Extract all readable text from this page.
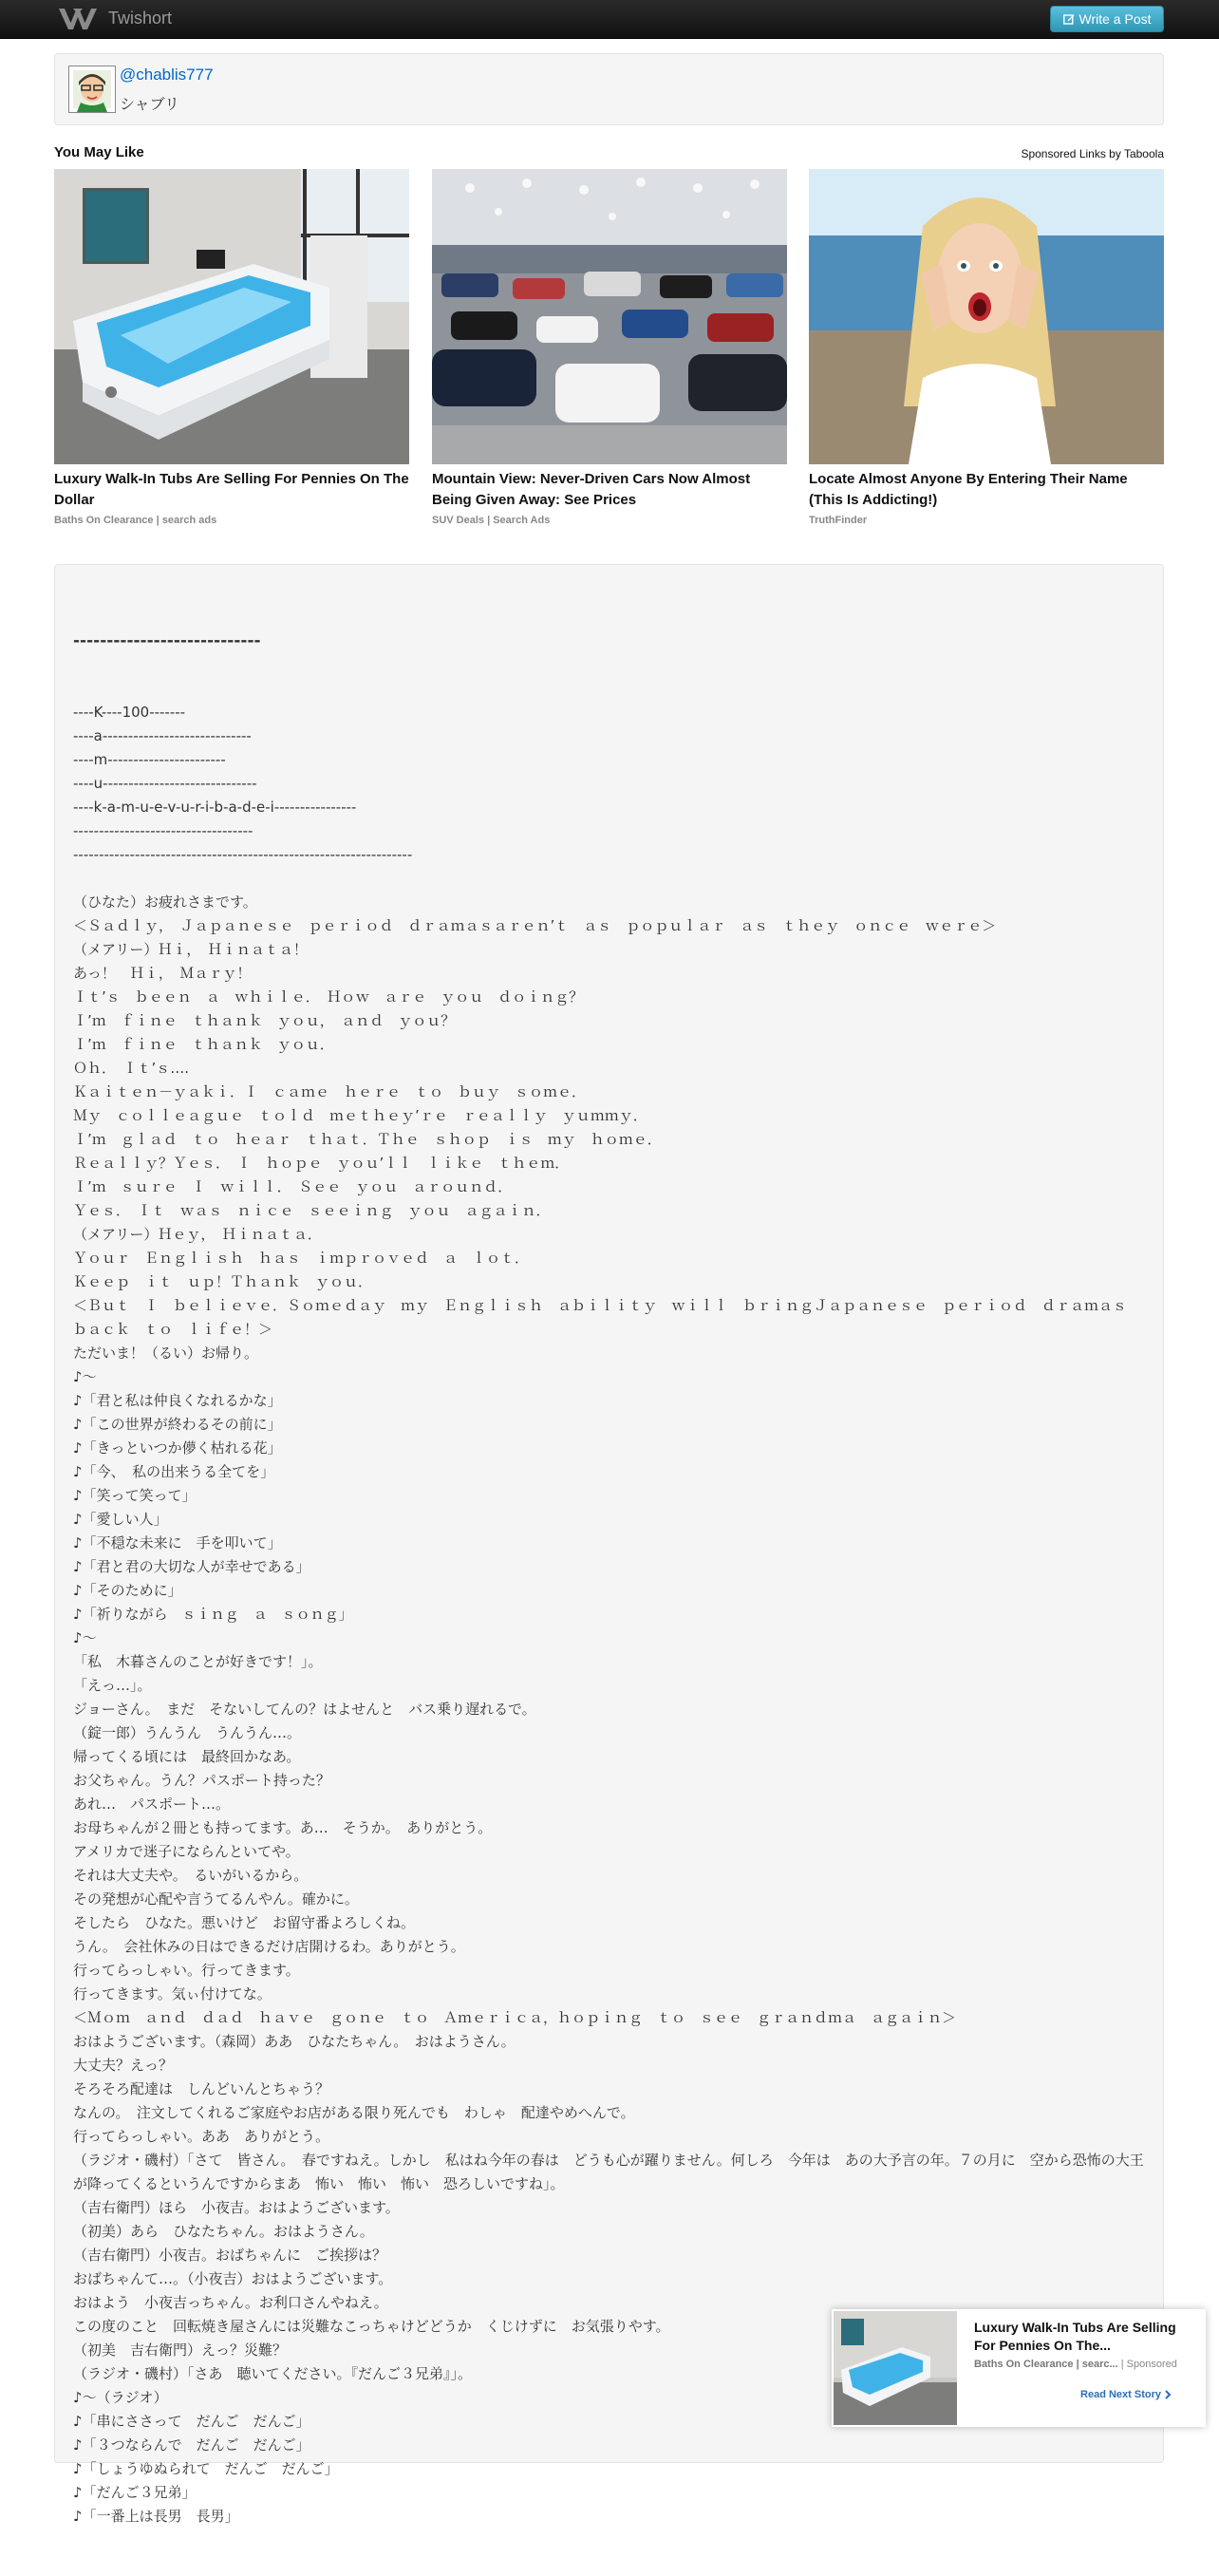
Twishort	Write a Post
@chablis777
シャブリ
You May Like	Sponsored Links by Taboola
Luxury Walk-In Tubs Are Selling For Pennies On The Dollar
Baths On Clearance | search ads
Mountain View: Never-Driven Cars Now Almost Being Given Away: See Prices
SUV Deals | Search Ads
Locate Almost Anyone By Entering Their Name (This Is Addicting!)
TruthFinder

----------------------------

----K----100-------
----a-----------------------------
----m-----------------------
----u------------------------------
----k-a-m-u-e-v-u-r-i-b-a-d-e-i----------------
-----------------------------------
------------------------------------------------------------------
（ひなた）お疲れさまです。
＜Ｓａｄｌｙ，　Ｊａｐａｎｅｓｅ　ｐｅｒｉｏｄ　ｄｒａｍａｓａｒｅｎ’ｔ　ａｓ　ｐｏｐｕｌａｒ　ａｓ　ｔｈｅｙ　ｏｎｃｅ　ｗｅｒｅ＞
（メアリー）Ｈｉ，　Ｈｉｎａｔａ！
あっ！　Ｈｉ，　Ｍａｒｙ！
Ｉｔ’ｓ　ｂｅｅｎ　ａ　ｗｈｉｌｅ．　Ｈｏｗ　ａｒｅ　ｙｏｕ　ｄｏｉｎｇ？
Ｉ’ｍ　ｆｉｎｅ　ｔｈａｎｋ　ｙｏｕ，　ａｎｄ　ｙｏｕ？
Ｉ’ｍ　ｆｉｎｅ　ｔｈａｎｋ　ｙｏｕ．
Ｏｈ．　Ｉｔ’ｓ….
Ｋａｉｔｅｎ－ｙａｋｉ．Ｉ　ｃａｍｅ　ｈｅｒｅ　ｔｏ　ｂｕｙ　ｓｏｍｅ．
Ｍｙ　ｃｏｌｌｅａｇｕｅ　ｔｏｌｄ　ｍｅｔｈｅｙ’ｒｅ　ｒｅａｌｌｙ　ｙｕｍｍｙ．
Ｉ’ｍ　ｇｌａｄ　ｔｏ　ｈｅａｒ　ｔｈａｔ．Ｔｈｅ　ｓｈｏｐ　ｉｓ　ｍｙ　ｈｏｍｅ．
Ｒｅａｌｌｙ？Ｙｅｓ．　Ｉ　ｈｏｐｅ　ｙｏｕ’ｌｌ　ｌｉｋｅ　ｔｈｅｍ．
Ｉ’ｍ　ｓｕｒｅ　Ｉ　ｗｉｌｌ．　Ｓｅｅ　ｙｏｕ　ａｒｏｕｎｄ．
Ｙｅｓ．　Ｉｔ　ｗａｓ　ｎｉｃｅ　ｓｅｅｉｎｇ　ｙｏｕ　ａｇａｉｎ．
（メアリー）Ｈｅｙ，　Ｈｉｎａｔａ．
Ｙｏｕｒ　Ｅｎｇｌｉｓｈ　ｈａｓ　ｉｍｐｒｏｖｅｄ　ａ　ｌｏｔ．
Ｋｅｅｐ　ｉｔ　ｕｐ！Ｔｈａｎｋ　ｙｏｕ．
＜Ｂｕｔ　Ｉ　ｂｅｌｉｅｖｅ．Ｓｏｍｅｄａｙ　ｍｙ　Ｅｎｇｌｉｓｈ　ａｂｉｌｉｔｙ　ｗｉｌｌ　ｂｒｉｎｇＪａｐａｎｅｓｅ　ｐｅｒｉｏｄ　ｄｒａｍａｓ　ｂａｃｋ　ｔｏ　ｌｉｆｅ！＞
ただいま！（るい）お帰り。
♪～
♪「君と私は仲良くなれるかな」
♪「この世界が終わるその前に」
♪「きっといつか儚く枯れる花」
♪「今、　私の出来うる全てを」
♪「笑って笑って」
♪「愛しい人」
♪「不穏な未来に　手を叩いて」
♪「君と君の大切な人が幸せである」
♪「そのために」
♪「祈りながら　ｓｉｎｇ　ａ　ｓｏｎｇ」
♪～
「私　木暮さんのことが好きです！」。
「えっ…」。
ジョーさん。　まだ　そないしてんの？はよせんと　バス乗り遅れるで。
（錠一郎）うんうん　うんうん…。
帰ってくる頃には　最終回かなあ。
お父ちゃん。うん？パスポート持った？
あれ…　パスポート…。
お母ちゃんが２冊とも持ってます。あ…　そうか。　ありがとう。
アメリカで迷子にならんといてや。
それは大丈夫や。　るいがいるから。
その発想が心配や言うてるんやん。確かに。
そしたら　ひなた。悪いけど　お留守番よろしくね。
うん。　会社休みの日はできるだけ店開けるわ。ありがとう。
行ってらっしゃい。行ってきます。
行ってきます。気ぃ付けてな。
＜Ｍｏｍ　ａｎｄ　ｄａｄ　ｈａｖｅ　ｇｏｎｅ　ｔｏ　Ａｍｅｒｉｃａ，ｈｏｐｉｎｇ　ｔｏ　ｓｅｅ　ｇｒａｎｄｍａ　ａｇａｉｎ＞
おはようございます。（森岡）ああ　ひなたちゃん。　おはようさん。
大丈夫？えっ？
そろそろ配達は　しんどいんとちゃう？
なんの。　注文してくれるご家庭やお店がある限り死んでも　わしゃ　配達やめへんで。
行ってらっしゃい。ああ　ありがとう。
（ラジオ・磯村）「さて　皆さん。　春ですねえ。しかし　私はね今年の春は　どうも心が躍りません。何しろ　今年は　あの大予言の年。７の月に　空から恐怖の大王が降ってくるというんですからまあ　怖い　怖い　怖い　恐ろしいですね」。
（吉右衛門）ほら　小夜吉。おはようございます。
（初美）あら　ひなたちゃん。おはようさん。
（吉右衛門）小夜吉。おばちゃんに　ご挨拶は？
おばちゃんて…。（小夜吉）おはようございます。
おはよう　小夜吉っちゃん。お利口さんやねえ。
この度のこと　回転焼き屋さんには災難なこっちゃけどどうか　くじけずに　お気張りやす。
（初美　吉右衛門）えっ？災難？
（ラジオ・磯村）「さあ　聴いてください。『だんご３兄弟』」。
♪～（ラジオ）
♪「串にささって　だんご　だんご」
♪「３つならんで　だんご　だんご」
♪「しょうゆぬられて　だんご　だんご」
♪「だんご３兄弟」
♪「一番上は長男　長男」

Luxury Walk-In Tubs Are Selling For Pennies On The...
Baths On Clearance | searc... | Sponsored
Read Next Story
